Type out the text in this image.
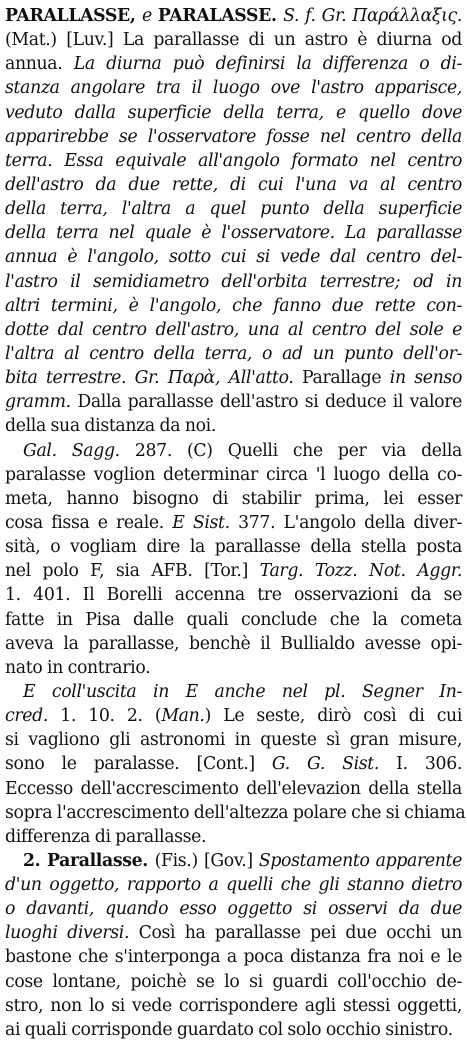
PARALLASSE, e PARALASSE. S. f. Gr. Παράλλαξις.
(Mat.) [Luv.] La parallasse di un astro è diurna od
annua. La diurna può definirsi la differenza o di-
stanza angolare tra il luogo ove l'astro apparisce,
veduto dalla superficie della terra, e quello dove
apparirebbe se l'osservatore fosse nel centro della
terra. Essa equivale all'angolo formato nel centro
dell'astro da due rette, di cui l'una va al centro
della terra, l'altra a quel punto della superficie
della terra nel quale è l'osservatore. La parallasse
annua è l'angolo, sotto cui si vede dal centro del-
l'astro il semidiametro dell'orbita terrestre; od in
altri termini, è l'angolo, che fanno due rette con-
dotte dal centro dell'astro, una al centro del sole e
l'altra al centro della terra, o ad un punto dell'or-
bita terrestre. Gr. Παρὰ, All'atto. Parallage in senso
gramm. Dalla parallasse dell'astro si deduce il valore
della sua distanza da noi.
Gal. Sagg. 287. (C) Quelli che per via della
paralasse voglion determinar circa 'l luogo della co-
meta, hanno bisogno di stabilir prima, lei esser
cosa fissa e reale. E Sist. 377. L'angolo della diver-
sità, o vogliam dire la parallasse della stella posta
nel polo F, sia AFB. [Tor.] Targ. Tozz. Not. Aggr.
1. 401. Il Borelli accenna tre osservazioni da se
fatte in Pisa dalle quali conclude che la cometa
aveva la parallasse, benchè il Bullialdo avesse opi-
nato in contrario.
E coll'uscita in E anche nel pl. Segner In-
cred. 1. 10. 2. (Man.) Le seste, dirò così di cui
si vagliono gli astronomi in queste sì gran misure,
sono le paralasse. [Cont.] G. G. Sist. I. 306.
Eccesso dell'accrescimento dell'elevazion della stella
sopra l'accrescimento dell'altezza polare che si chiama
differenza di parallasse.
2. Parallasse. (Fis.) [Gov.] Spostamento apparente
d'un oggetto, rapporto a quelli che gli stanno dietro
o davanti, quando esso oggetto si osservi da due
luoghi diversi. Così ha parallasse pei due occhi un
bastone che s'interponga a poca distanza fra noi e le
cose lontane, poichè se lo si guardi coll'occhio de-
stro, non lo si vede corrispondere agli stessi oggetti,
ai quali corrisponde guardato col solo occhio sinistro.
